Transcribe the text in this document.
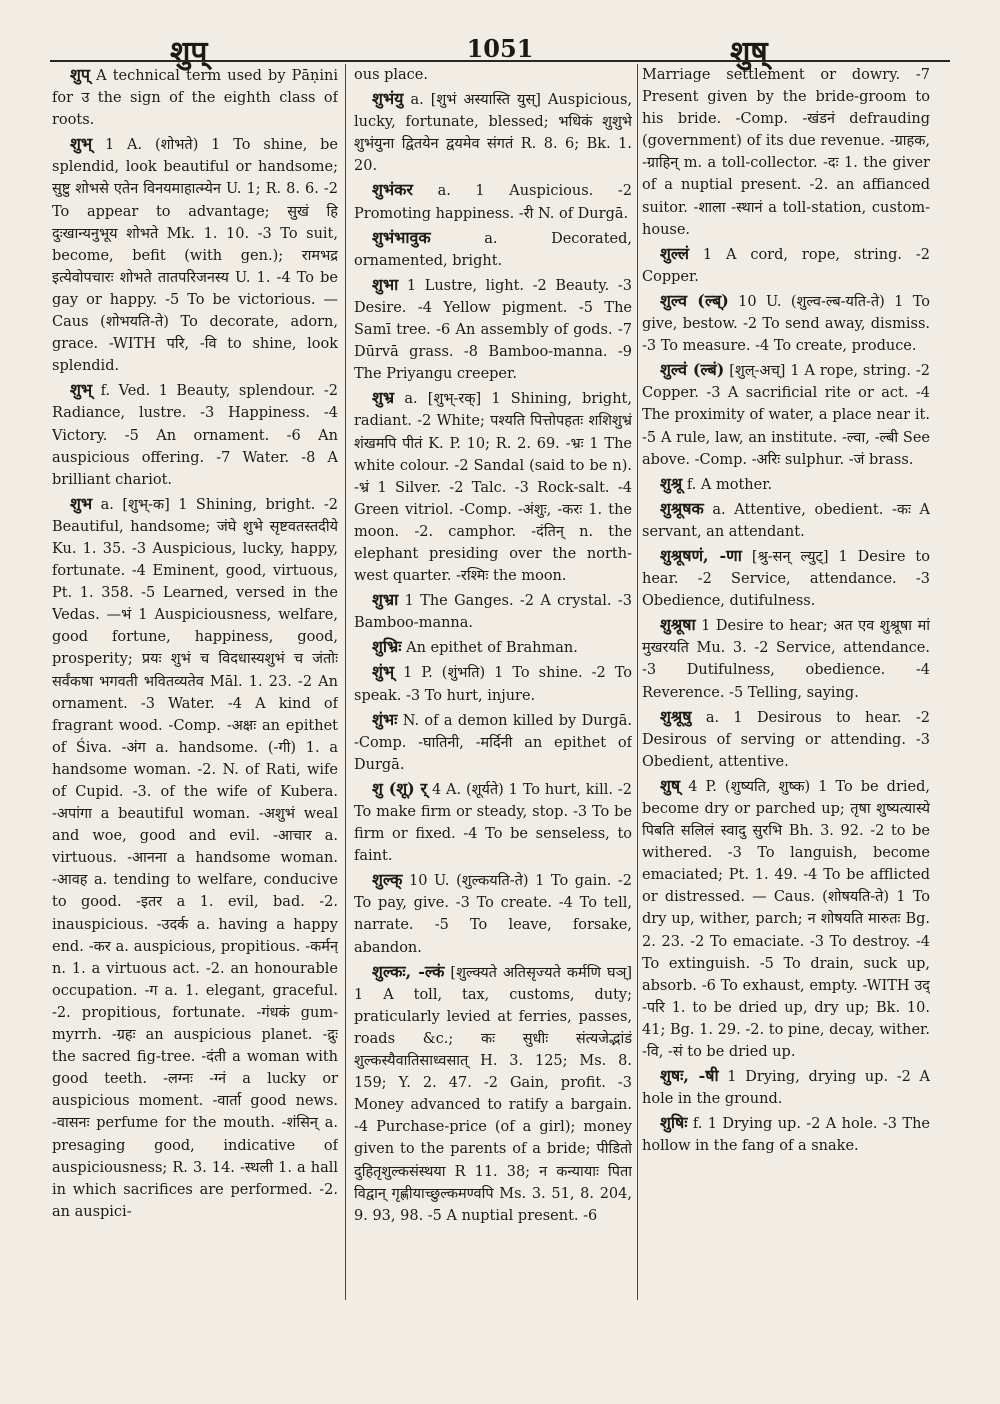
शुप्	1051	शुष्

शुप् A technical term used by Pāṇini for उ the sign of the eighth class of roots.

शुभ् 1 A. (शोभते) 1 To shine, be splendid, look beautiful or handsome; सुष्टु शोभसे एतेन विनयमाहात्म्येन U. 1; R. 8. 6. -2 To appear to advantage; सुखं हि दुःखान्यनुभूय शोभते Mk. 1. 10. -3 To suit, become, befit (with gen.); रामभद्र इत्येवोपचारः शोभते तातपरिजनस्य U. 1. -4 To be gay or happy. -5 To be victorious. — Caus (शोभयति-ते) To decorate, adorn, grace. -WITH परि, -वि to shine, look splendid.

शुभ् f. Ved. 1 Beauty, splendour. -2 Radiance, lustre. -3 Happiness. -4 Victory. -5 An ornament. -6 An auspicious offering. -7 Water. -8 A brilliant chariot.

शुभ a. [शुभ्-क] 1 Shining, bright. -2 Beautiful, handsome; जंघे शुभे सृष्टवतस्तदीये Ku. 1. 35. -3 Auspicious, lucky, happy, fortunate. -4 Eminent, good, virtuous, Pt. 1. 358. -5 Learned, versed in the Vedas. —भं 1 Auspiciousness, welfare, good fortune, happiness, good, prosperity; प्रयः शुभं च विदधास्यशुभं च जंतोः सर्वंकषा भगवती भवितव्यतेव Māl. 1. 23. -2 An ornament. -3 Water. -4 A kind of fragrant wood. -Comp. -अक्षः an epithet of Śiva. -अंग a. handsome. (-गी) 1. a handsome woman. -2. N. of Rati, wife of Cupid. -3. of the wife of Kubera. -अपांगा a beautiful woman. -अशुभं weal and woe, good and evil. -आचार a. virtuous. -आनना a handsome woman. -आवह a. tending to welfare, conducive to good. -इतर a 1. evil, bad. -2. inauspicious. -उदर्क a. having a happy end. -कर a. auspicious, propitious. -कर्मन् n. 1. a virtuous act. -2. an honourable occupation. -ग a. 1. elegant, graceful. -2. propitious, fortunate. -गंधकं gum-myrrh. -ग्रहः an auspicious planet. -द्रुः the sacred fig-tree. -दंती a woman with good teeth. -लग्नः -ग्नं a lucky or auspicious moment. -वार्ता good news. -वासनः perfume for the mouth. -शंसिन् a. presaging good, indicative of auspiciousness; R. 3. 14. -स्थली 1. a hall in which sacrifices are performed. -2. an auspici-

ous place.

शुभंयु a. [शुभं अस्यास्ति युस्] Auspicious, lucky, fortunate, blessed; भधिकं शुशुभे शुभंयुना द्वितयेन द्वयमेव संगतं R. 8. 6; Bk. 1. 20.

शुभंकर a. 1 Auspicious. -2 Promoting happiness. -री N. of Durgā.

शुभंभावुक	a. Decorated, ornamented, bright.

शुभा 1 Lustre, light. -2 Beauty. -3 Desire. -4 Yellow pigment. -5 The Samī tree. -6 An assembly of gods. -7 Dūrvā grass. -8 Bamboo-manna. -9 The Priyangu creeper.

शुभ्र a. [शुभ्-रक्] 1 Shining, bright, radiant. -2 White; पश्यति पित्तोपहतः शशिशुभ्रं शंखमपि पीतं K. P. 10; R. 2. 69. -भ्रः 1 The white colour. -2 Sandal (said to be n). -भ्रं 1 Silver. -2 Talc. -3 Rock-salt. -4 Green vitriol. -Comp. -अंशुः, -करः 1. the moon. -2. camphor. -दंतिन् n. the elephant presiding over the north-west quarter. -रश्मिः the moon.

शुभ्रा 1 The Ganges. -2 A crystal. -3 Bamboo-manna.

शुभ्रिः An epithet of Brahman.

शुंभ् 1 P. (शुंभति) 1 To shine. -2 To speak. -3 To hurt, injure.

शुंभः N. of a demon killed by Durgā. -Comp. -घातिनी, -मर्दिनी an epithet of Durgā.

शु (शू) र् 4 A. (शूर्यते) 1 To hurt, kill. -2 To make firm or steady, stop. -3 To be firm or fixed. -4 To be senseless, to faint.

शुल्क् 10 U. (शुल्कयति-ते) 1 To gain. -2 To pay, give. -3 To create. -4 To tell, narrate. -5 To leave, forsake, abandon.

शुल्कः, -ल्कं [शुल्क्यते अतिसृज्यते कर्मणि घञ्] 1 A toll, tax, customs, duty; praticularly levied at ferries, passes, roads &c.; कः सुधीः संत्यजेद्भांडं शुल्कस्यैवातिसाध्वसात् H. 3. 125; Ms. 8. 159; Y. 2. 47. -2 Gain, profit. -3 Money advanced to ratify a bargain. -4 Purchase-price (of a girl); money given to the parents of a bride; पीडितो दुहितृशुल्कसंस्थया R 11. 38; न कन्यायाः पिता विद्वान् गृह्णीयाच्छुल्कमण्वपि Ms. 3. 51, 8. 204, 9. 93, 98. -5 A nuptial present. -6

Marriage settlement or dowry. -7 Present given by the bride-groom to his bride. -Comp. -खंडनं defrauding (government) of its due revenue. -ग्राहक, -ग्राहिन् m. a toll-collector. -दः 1. the giver of a nuptial present. -2. an affianced suitor. -शाला -स्थानं a toll-station, custom-house.

शुल्लं 1 A cord, rope, string. -2 Copper.

शुल्व (ल्ब्) 10 U. (शुल्व-ल्ब-यति-ते) 1 To give, bestow. -2 To send away, dismiss. -3 To measure. -4 To create, produce.

शुल्वं (ल्बं) [शुल्-अच्] 1 A rope, string. -2 Copper. -3 A sacrificial rite or act. -4 The proximity of water, a place near it. -5 A rule, law, an institute. -ल्वा, -ल्बी See above. -Comp. -अरिः sulphur. -जं brass.

शुश्रू f. A mother.

शुश्रूषक a. Attentive, obedient. -कः A servant, an attendant.

शुश्रूषणं, -णा [श्रु-सन् ल्युट्] 1 Desire to hear. -2 Service, attendance. -3 Obedience, dutifulness.

शुश्रूषा 1 Desire to hear; अत एव शुश्रूषा मां मुखरयति Mu. 3. -2 Service, attendance. -3 Dutifulness, obedience. -4 Reverence. -5 Telling, saying.

शुश्रूषु a. 1 Desirous to hear. -2 Desirous of serving or attending. -3 Obedient, attentive.

शुष् 4 P. (शुष्यति, शुष्क) 1 To be dried, become dry or parched up; तृषा शुष्यत्यास्ये पिबति सलिलं स्वादु सुरभि Bh. 3. 92. -2 to be withered. -3 To languish, become emaciated; Pt. 1. 49. -4 To be afflicted or distressed. — Caus. (शोषयति-ते) 1 To dry up, wither, parch; न शोषयति मारुतः Bg. 2. 23. -2 To emaciate. -3 To destroy. -4 To extinguish. -5 To drain, suck up, absorb. -6 To exhaust, empty. -WITH उद् -परि 1. to be dried up, dry up; Bk. 10. 41; Bg. 1. 29. -2. to pine, decay, wither. -वि, -सं to be dried up.

शुषः, -षी 1 Drying, drying up. -2 A hole in the ground.

शुषिः f. 1 Drying up. -2 A hole. -3 The hollow in the fang of a snake.
